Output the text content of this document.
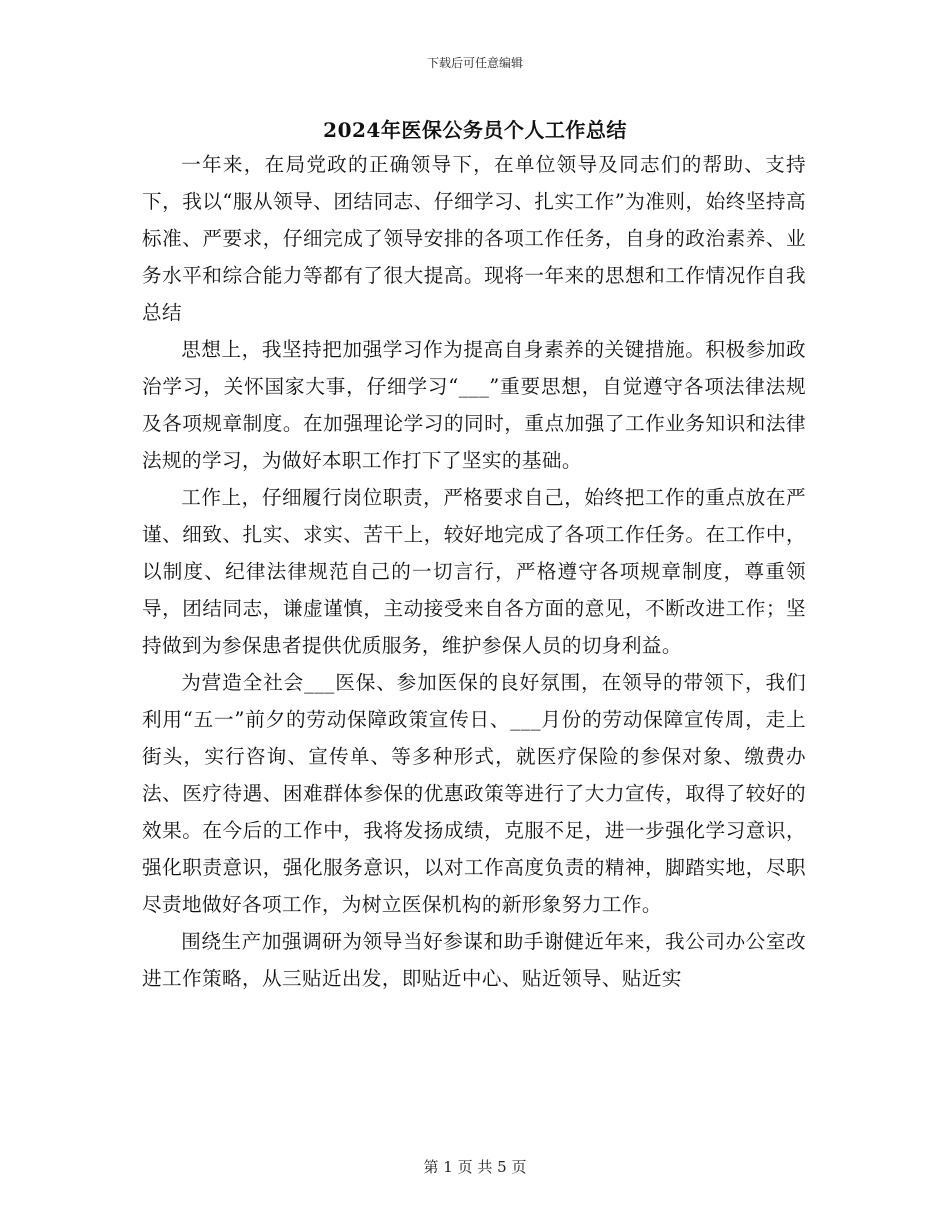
下载后可任意编辑
2024年医保公务员个人工作总结

一年来，在局党政的正确领导下，在单位领导及同志们的帮助、支持下，我以“服从领导、团结同志、仔细学习、扎实工作”为准则，始终坚持高标准、严要求，仔细完成了领导安排的各项工作任务，自身的政治素养、业务水平和综合能力等都有了很大提高。现将一年来的思想和工作情况作自我总结

思想上，我坚持把加强学习作为提高自身素养的关键措施。积极参加政治学习，关怀国家大事，仔细学习“___”重要思想，自觉遵守各项法律法规及各项规章制度。在加强理论学习的同时，重点加强了工作业务知识和法律法规的学习，为做好本职工作打下了坚实的基础。

工作上，仔细履行岗位职责，严格要求自己，始终把工作的重点放在严谨、细致、扎实、求实、苦干上，较好地完成了各项工作任务。在工作中，以制度、纪律法律规范自己的一切言行，严格遵守各项规章制度，尊重领导，团结同志，谦虚谨慎，主动接受来自各方面的意见，不断改进工作；坚持做到为参保患者提供优质服务，维护参保人员的切身利益。

为营造全社会___医保、参加医保的良好氛围，在领导的带领下，我们利用“五一”前夕的劳动保障政策宣传日、___月份的劳动保障宣传周，走上街头，实行咨询、宣传单、等多种形式，就医疗保险的参保对象、缴费办法、医疗待遇、困难群体参保的优惠政策等进行了大力宣传，取得了较好的效果。在今后的工作中，我将发扬成绩，克服不足，进一步强化学习意识，强化职责意识，强化服务意识，以对工作高度负责的精神，脚踏实地，尽职尽责地做好各项工作，为树立医保机构的新形象努力工作。

围绕生产加强调研为领导当好参谋和助手谢健近年来，我公司办公室改进工作策略，从三贴近出发，即贴近中心、贴近领导、贴近实

第 1 页 共 5 页
